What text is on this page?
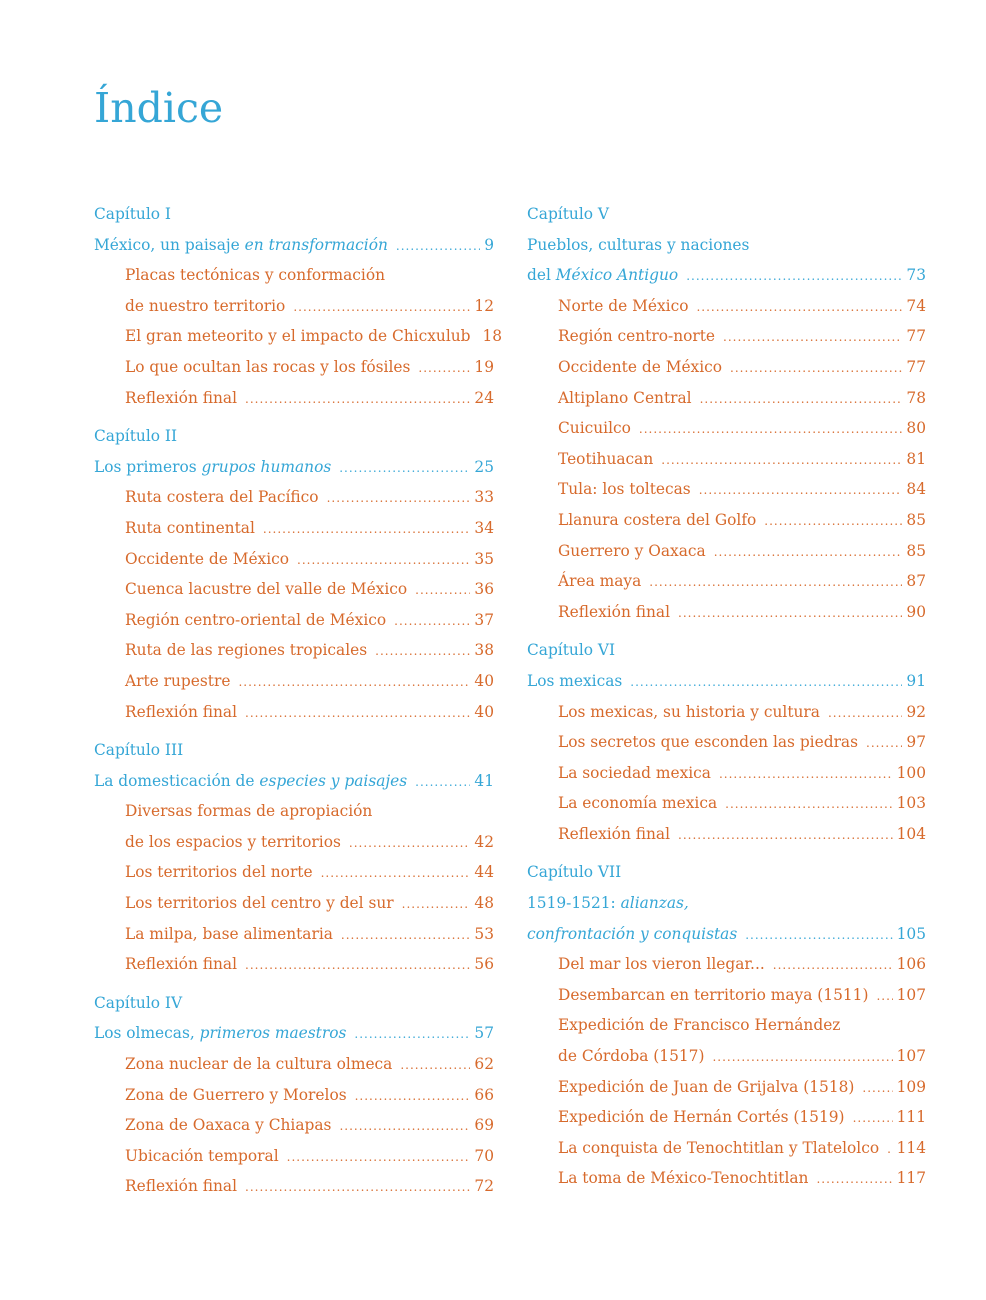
Índice
Capítulo I
México, un paisaje en transformación .....	9
Placas tectónicas y conformación
de nuestro territorio .....	12
El gran meteorito y el impacto de Chicxulub 18
Lo que ocultan las rocas y los fósiles .....	19
Reflexión final .....	24
Capítulo II
Los primeros grupos humanos .....	25
Ruta costera del Pacífico .....	33
Ruta continental .....	34
Occidente de México .....	35
Cuenca lacustre del valle de México .....	36
Región centro-oriental de México .....	37
Ruta de las regiones tropicales .....	38
Arte rupestre .....	40
Reflexión final .....	40
Capítulo III
La domesticación de especies y paisajes .....	41
Diversas formas de apropiación
de los espacios y territorios .....	42
Los territorios del norte .....	44
Los territorios del centro y del sur .....	48
La milpa, base alimentaria .....	53
Reflexión final .....	56
Capítulo IV
Los olmecas, primeros maestros .....	57
Zona nuclear de la cultura olmeca .....	62
Zona de Guerrero y Morelos .....	66
Zona de Oaxaca y Chiapas .....	69
Ubicación temporal .....	70
Reflexión final .....	72
Capítulo V
Pueblos, culturas y naciones
del México Antiguo .....	73
Norte de México .....	74
Región centro-norte .....	77
Occidente de México .....	77
Altiplano Central .....	78
Cuicuilco .....	80
Teotihuacan .....	81
Tula: los toltecas .....	84
Llanura costera del Golfo .....	85
Guerrero y Oaxaca .....	85
Área maya .....	87
Reflexión final .....	90
Capítulo VI
Los mexicas .....	91
Los mexicas, su historia y cultura .....	92
Los secretos que esconden las piedras .....	97
La sociedad mexica .....	100
La economía mexica .....	103
Reflexión final .....	104
Capítulo VII
1519-1521: alianzas,
confrontación y conquistas .....	105
Del mar los vieron llegar... .....	106
Desembarcan en territorio maya (1511) ..... 107
Expedición de Francisco Hernández
de Córdoba (1517) .....	107
Expedición de Juan de Grijalva (1518) .....	109
Expedición de Hernán Cortés (1519) .....	111
La conquista de Tenochtitlan y Tlatelolco ..... 114
La toma de México-Tenochtitlan .....	117
